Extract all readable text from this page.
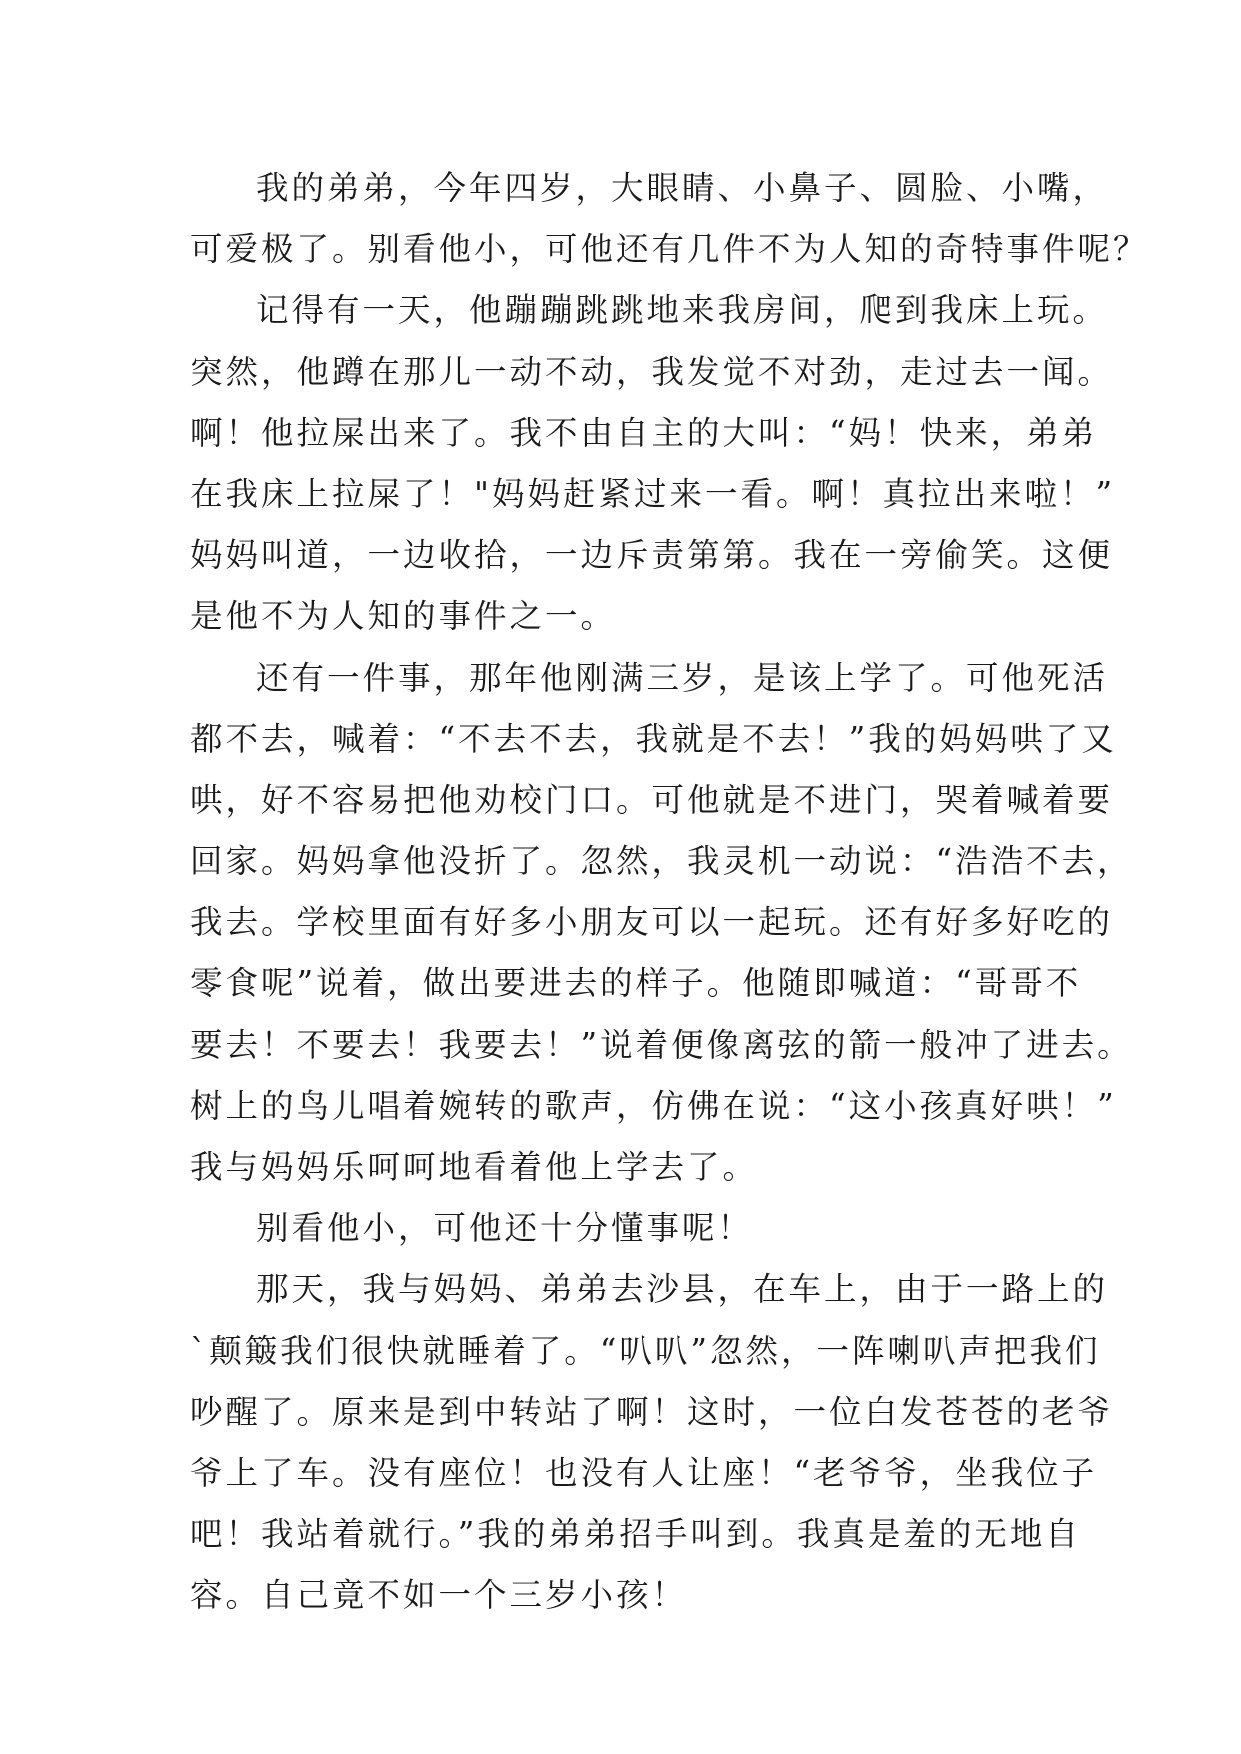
我的弟弟，今年四岁，大眼睛、小鼻子、圆脸、小嘴，
可爱极了。别看他小，可他还有几件不为人知的奇特事件呢？
记得有一天，他蹦蹦跳跳地来我房间，爬到我床上玩。
突然，他蹲在那儿一动不动，我发觉不对劲，走过去一闻。
啊！他拉屎出来了。我不由自主的大叫：“妈！快来，弟弟
在我床上拉屎了！"妈妈赶紧过来一看。啊！真拉出来啦！”
妈妈叫道，一边收拾，一边斥责第第。我在一旁偷笑。这便
是他不为人知的事件之一。
还有一件事，那年他刚满三岁，是该上学了。可他死活
都不去，喊着：“不去不去，我就是不去！”我的妈妈哄了又
哄，好不容易把他劝校门口。可他就是不进门，哭着喊着要
回家。妈妈拿他没折了。忽然，我灵机一动说：“浩浩不去，
我去。学校里面有好多小朋友可以一起玩。还有好多好吃的
零食呢”说着，做出要进去的样子。他随即喊道：“哥哥不
要去！不要去！我要去！”说着便像离弦的箭一般冲了进去。
树上的鸟儿唱着婉转的歌声，仿佛在说：“这小孩真好哄！”
我与妈妈乐呵呵地看着他上学去了。
别看他小，可他还十分懂事呢！
那天，我与妈妈、弟弟去沙县，在车上，由于一路上的
`颠簸我们很快就睡着了。“叭叭”忽然，一阵喇叭声把我们
吵醒了。原来是到中转站了啊！这时，一位白发苍苍的老爷
爷上了车。没有座位！也没有人让座！“老爷爷，坐我位子
吧！我站着就行。”我的弟弟招手叫到。我真是羞的无地自
容。自己竟不如一个三岁小孩！
